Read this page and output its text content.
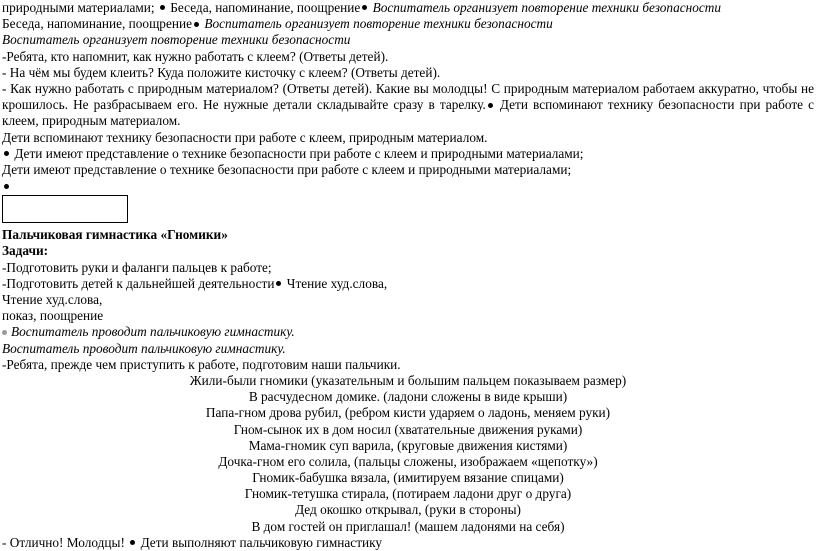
природными материалами; Беседа, напоминание, поощрение Воспитатель организует повторение техники безопасности
Беседа, напоминание, поощрение Воспитатель организует повторение техники безопасности
Воспитатель организует повторение техники безопасности
-Ребята, кто напомнит, как нужно работать с клеем? (Ответы детей).
- На чём мы будем клеить? Куда положите кисточку с клеем? (Ответы детей).
- Как нужно работать с природным материалом? (Ответы детей). Какие вы молодцы! С природным материалом работаем аккуратно, чтобы не
крошилось. Не разбрасываем его. Не нужные детали складывайте сразу в тарелку. Дети вспоминают технику безопасности при работе с
клеем, природным материалом.
Дети вспоминают технику безопасности при работе с клеем, природным материалом.
Дети имеют представление о технике безопасности при работе с клеем и природными материалами;
Дети имеют представление о технике безопасности при работе с клеем и природными материалами;
Пальчиковая гимнастика «Гномики»
Задачи:
-Подготовить руки и фаланги пальцев к работе;
-Подготовить детей к дальнейшей деятельности Чтение худ.слова,
Чтение худ.слова,
показ, поощрение
Воспитатель проводит пальчиковую гимнастику.
Воспитатель проводит пальчиковую гимнастику.
-Ребята, прежде чем приступить к работе, подготовим наши пальчики.
Жили-были гномики (указательным и большим пальцем показываем размер)
В расчудесном домике. (ладони сложены в виде крыши)
Папа-гном дрова рубил, (ребром кисти ударяем о ладонь, меняем руки)
Гном-сынок их в дом носил (хватательные движения руками)
Мама-гномик суп варила, (круговые движения кистями)
Дочка-гном его солила, (пальцы сложены, изображаем «щепотку»)
Гномик-бабушка вязала, (имитируем вязание спицами)
Гномик-тетушка стирала, (потираем ладони друг о друга)
Дед окошко открывал, (руки в стороны)
В дом гостей он приглашал! (машем ладонями на себя)
- Отлично! Молодцы! Дети выполняют пальчиковую гимнастику
